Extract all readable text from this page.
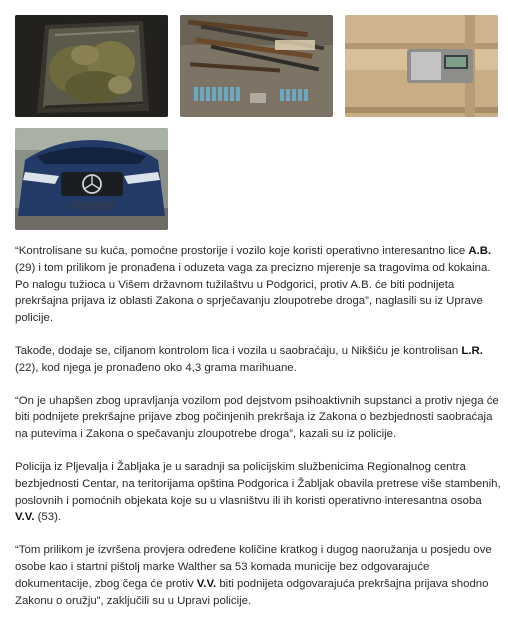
“Kontrolisane su kuća, pomoćne prostorije i vozilo koje koristi operativno interesantno lice A.B. (29) i tom prilikom je pronađena i oduzeta vaga za precizno mjerenje sa tragovima od kokaina. Po nalogu tužioca u Višem državnom tužilaštvu u Podgorici, protiv A.B. će biti podnijeta prekršajna prijava iz oblasti Zakona o sprječavanju zloupotrebe droga”, naglasili su iz Uprave policije.

Takođe, dodaje se, ciljanom kontrolom lica i vozila u saobraćaju, u Nikšiću je kontrolisan L.R. (22), kod njega je pronađeno oko 4,3 grama marihuane.

“On je uhapšen zbog upravljanja vozilom pod dejstvom psihoaktivnih supstanci a protiv njega će biti podnijete prekršajne prijave zbog počinjenih prekršaja iz Zakona o bezbjednosti saobraćaja na putevima i Zakona o spečavanju zloupotrebe droga”, kazali su iz policije.

Policija iz Pljevalja i Žabljaka je u saradnji sa policijskim službenicima Regionalnog centra bezbjednosti Centar, na teritorijama opština Podgorica i Žabljak obavila pretrese više stambenih, poslovnih i pomoćnih objekata koje su u vlasništvu ili ih koristi operativno interesantna osoba V.V. (53).

“Tom prilikom je izvršena provjera određene količine kratkog i dugog naoružanja u posjedu ove osobe kao i startni pištolj marke Walther sa 53 komada municije bez odgovarajuće dokumentacije, zbog čega će protiv V.V. biti podnijeta odgovarajuća prekršajna prijava shodno Zakonu o oružju”, zaključili su u Upravi policije.
